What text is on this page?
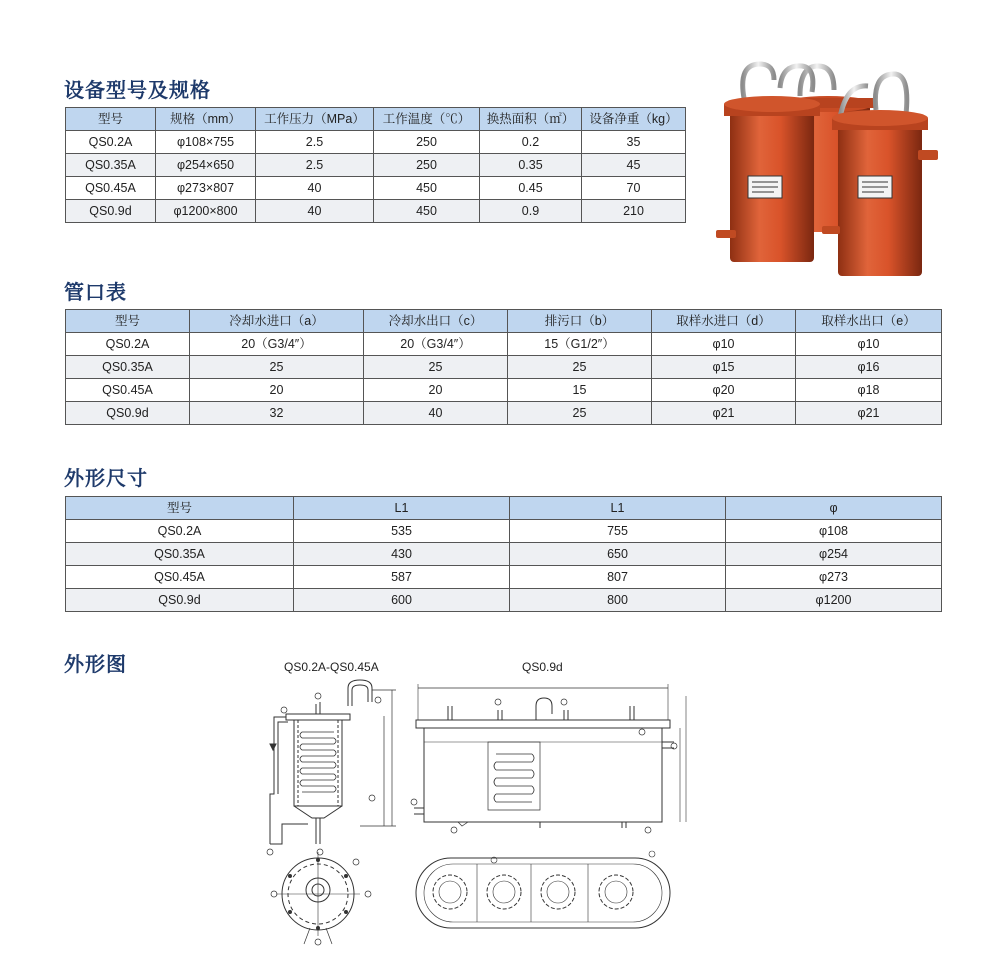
设备型号及规格
型号	规格（mm）	工作压力（MPa）	工作温度（℃）	换热面积（㎡）	设备净重（kg）
QS0.2A	φ108×755	2.5	250	0.2	35
QS0.35A	φ254×650	2.5	250	0.35	45
QS0.45A	φ273×807	40	450	0.45	70
QS0.9d	φ1200×800	40	450	0.9	210
管口表
型号	冷却水进口（a）	冷却水出口（c）	排污口（b）	取样水进口（d）	取样水出口（e）
QS0.2A	20（G3/4″）	20（G3/4″）	15（G1/2″）	φ10	φ10
QS0.35A	25	25	25	φ15	φ16
QS0.45A	20	20	15	φ20	φ18
QS0.9d	32	40	25	φ21	φ21
外形尺寸
型号	L1	L1	φ
QS0.2A	535	755	φ108
QS0.35A	430	650	φ254
QS0.45A	587	807	φ273
QS0.9d	600	800	φ1200
外形图	QS0.2A-QS0.45A	QS0.9d
